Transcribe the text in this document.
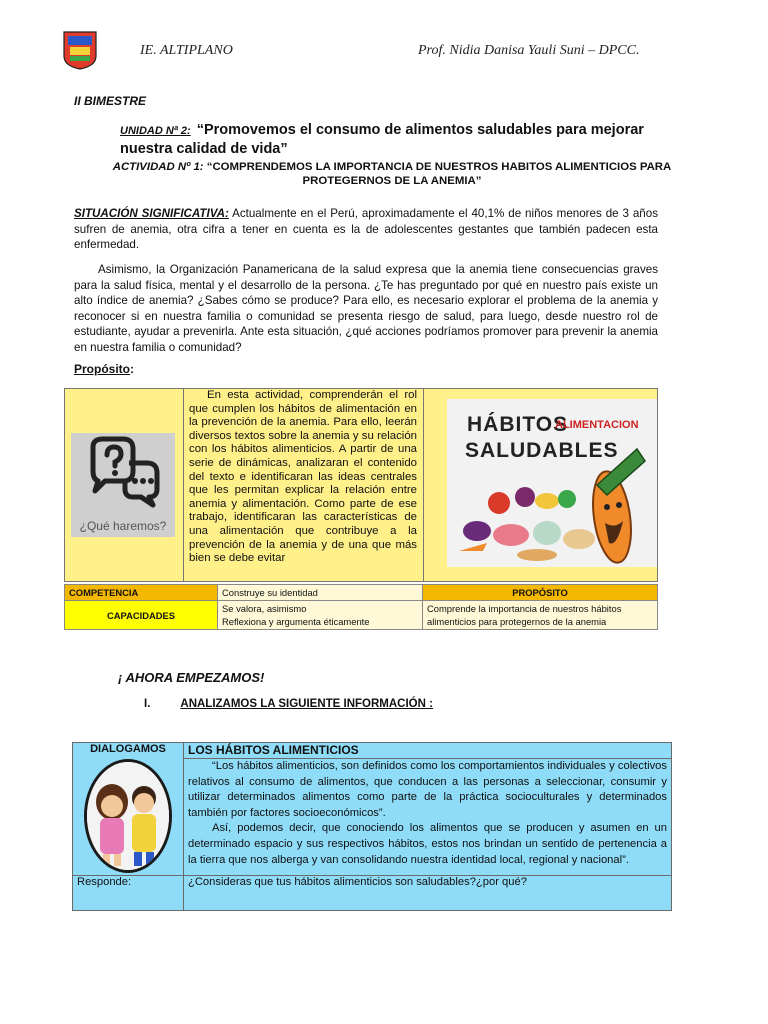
IE. ALTIPLANO	Prof. Nidia Danisa Yauli Suni – DPCC.
II BIMESTRE
UNIDAD Nª 2: “Promovemos el consumo de alimentos saludables para mejorar nuestra calidad de vida”
ACTIVIDAD Nº 1: “COMPRENDEMOS LA IMPORTANCIA DE NUESTROS HABITOS ALIMENTICIOS PARA PROTEGERNOS DE LA ANEMIA”
SITUACIÓN SIGNIFICATIVA: Actualmente en el Perú, aproximadamente el 40,1% de niños menores de 3 años sufren de anemia, otra cifra a tener en cuenta es la de adolescentes gestantes que también padecen esta enfermedad.
Asimismo, la Organización Panamericana de la salud expresa que la anemia tiene consecuencias graves para la salud física, mental y el desarrollo de la persona. ¿Te has preguntado por qué en nuestro país existe un alto índice de anemia? ¿Sabes cómo se produce? Para ello, es necesario explorar el problema de la anemia y reconocer si en nuestra familia o comunidad se presenta riesgo de salud, para luego, desde nuestro rol de estudiante, ayudar a prevenirla. Ante esta situación, ¿qué acciones podríamos promover para prevenir la anemia en nuestra familia o comunidad?
Propósito:
¿Qué haremos?
En esta actividad, comprenderán el rol que cumplen los hábitos de alimentación en la prevención de la anemia. Para ello, leerán diversos textos sobre la anemia y su relación con los hábitos alimenticios. A partir de una serie de dinámicas, analizaran el contenido del texto e identificaran las ideas centrales que les permitan explicar la relación entre anemia y alimentación. Como parte de ese trabajo, identificaran las características de una alimentación que contribuye a la prevención de la anemia y de una que más bien se debe evitar
HÁBITOS
SALUDABLES
ALIMENTACION
COMPETENCIA	Construye su identidad	PROPÓSITO
CAPACIDADES	Se valora, asimismo
Reflexiona y argumenta éticamente	Comprende la importancia de nuestros hábitos alimenticios para protegernos de la anemia
¡ AHORA EMPEZAMOS!
I.	ANALIZAMOS LA SIGUIENTE INFORMACIÓN :
DIALOGAMOS	LOS HÁBITOS ALIMENTICIOS

	“Los hábitos alimenticios, son definidos como los comportamientos individuales y colectivos relativos al consumo de alimentos, que conducen a las personas a seleccionar, consumir y utilizar determinados alimentos como parte de la práctica socioculturales y determinados también por factores socioeconómicos”.

Así, podemos decir, que conociendo los alimentos que se producen y asumen en un determinado espacio y sus respectivos hábitos, estos nos brindan un sentido de pertenencia a la tierra que nos alberga y van consolidando nuestra identidad local, regional y nacional”.

Responde:	¿Consideras que tus hábitos alimenticios son saludables?¿por qué?
